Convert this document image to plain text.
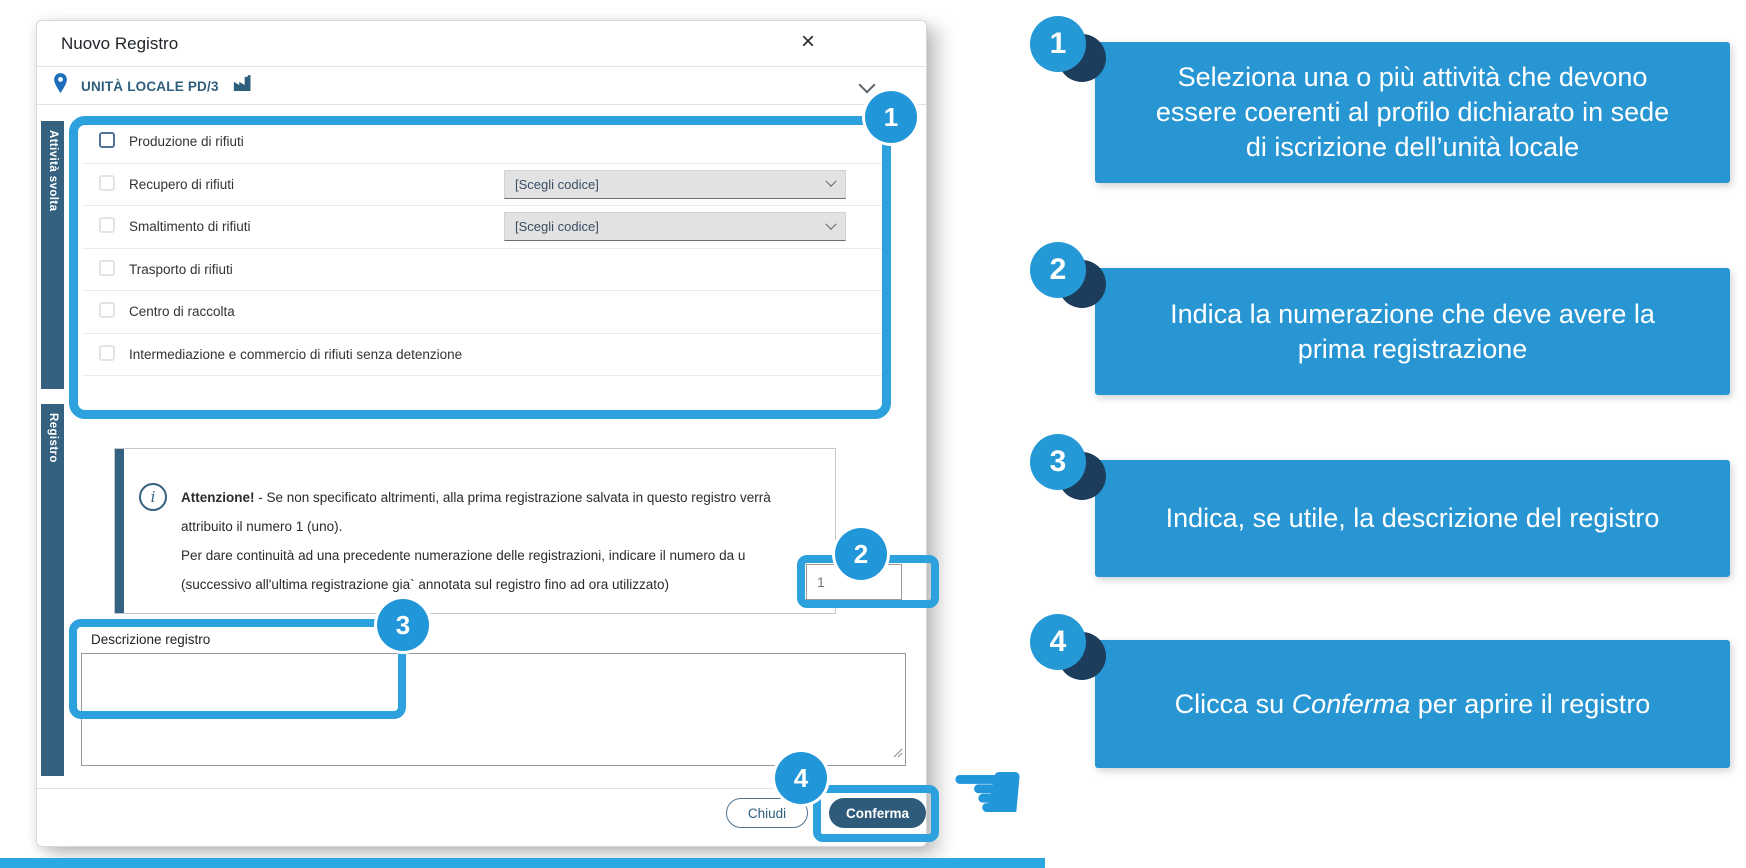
Nuovo Registro	×
UNITÀ LOCALE PD/3
Attività svolta
Registro
Produzione di rifiuti
Recupero di rifiuti	[Scegli codice]
Smaltimento di rifiuti	[Scegli codice]
Trasporto di rifiuti
Centro di raccolta
Intermediazione e commercio di rifiuti senza detenzione
i	Attenzione! - Se non specificato altrimenti, alla prima registrazione salvata in questo registro verrà
attribuito il numero 1 (uno).
Per dare continuità ad una precedente numerazione delle registrazioni, indicare il numero da u
(successivo all'ultima registrazione gia` annotata sul registro fino ad ora utilizzato)	1
Descrizione registro
Chiudi	Conferma
1
2
3
4 ☚
Seleziona una o più attività che devono
essere coerenti al profilo dichiarato in sede
di iscrizione dell’unità locale
1
Indica la numerazione che deve avere la
prima registrazione
2
Indica, se utile, la descrizione del registro
3
Clicca su Conferma per aprire il registro
4
